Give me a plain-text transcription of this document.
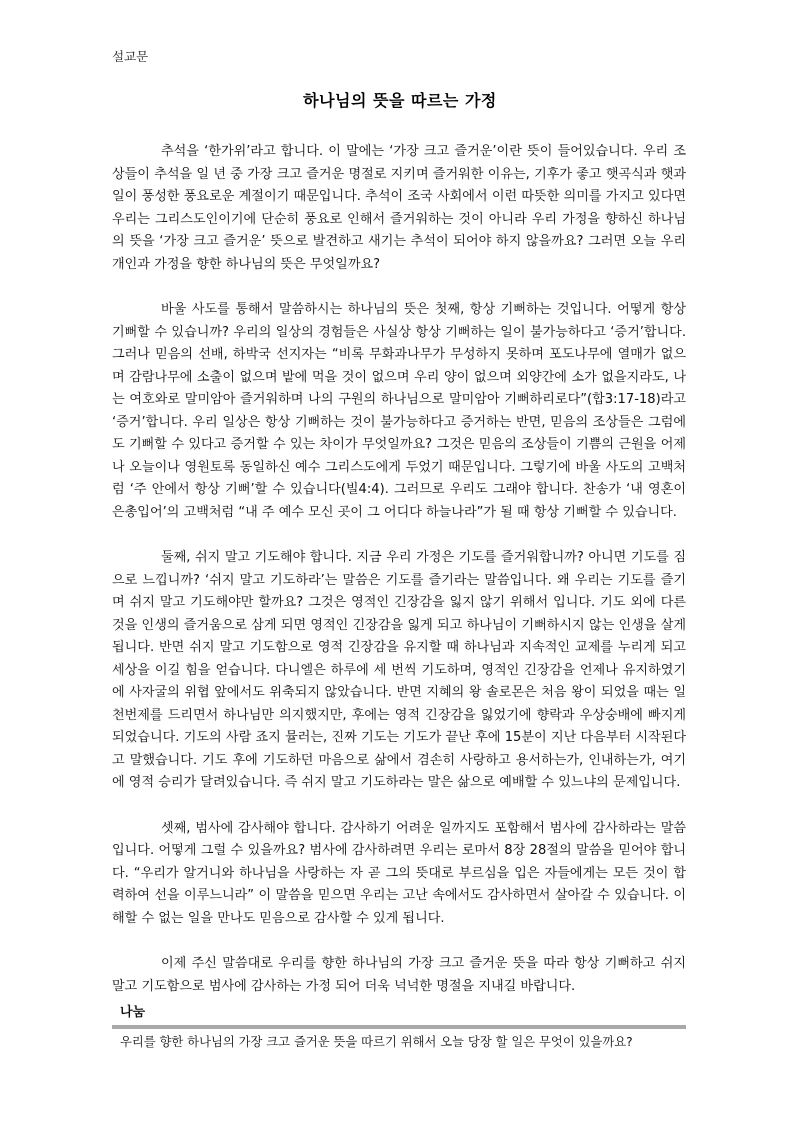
설교문
하나님의 뜻을 따르는 가정

추석을 ‘한가위’라고 합니다. 이 말에는 ‘가장 크고 즐거운’이란 뜻이 들어있습니다. 우리 조상들이 추석을 일 년 중 가장 크고 즐거운 명절로 지키며 즐거워한 이유는, 기후가 좋고 햇곡식과 햇과일이 풍성한 풍요로운 계절이기 때문입니다. 추석이 조국 사회에서 이런 따뜻한 의미를 가지고 있다면 우리는 그리스도인이기에 단순히 풍요로 인해서 즐거워하는 것이 아니라 우리 가정을 향하신 하나님의 뜻을 ‘가장 크고 즐거운’ 뜻으로 발견하고 새기는 추석이 되어야 하지 않을까요? 그러면 오늘 우리 개인과 가정을 향한 하나님의 뜻은 무엇일까요?

바울 사도를 통해서 말씀하시는 하나님의 뜻은 첫째, 항상 기뻐하는 것입니다. 어떻게 항상 기뻐할 수 있습니까? 우리의 일상의 경험들은 사실상 항상 기뻐하는 일이 불가능하다고 ‘증거’합니다. 그러나 믿음의 선배, 하박국 선지자는 “비록 무화과나무가 무성하지 못하며 포도나무에 열매가 없으며 감람나무에 소출이 없으며 밭에 먹을 것이 없으며 우리 양이 없으며 외양간에 소가 없을지라도, 나는 여호와로 말미암아 즐거워하며 나의 구원의 하나님으로 말미암아 기뻐하리로다”(합3:17-18)라고 ‘증거’합니다. 우리 일상은 항상 기뻐하는 것이 불가능하다고 증거하는 반면, 믿음의 조상들은 그럼에도 기뻐할 수 있다고 증거할 수 있는 차이가 무엇일까요? 그것은 믿음의 조상들이 기쁨의 근원을 어제나 오늘이나 영원토록 동일하신 예수 그리스도에게 두었기 때문입니다. 그렇기에 바울 사도의 고백처럼 ‘주 안에서 항상 기뻐’할 수 있습니다(빌4:4). 그러므로 우리도 그래야 합니다. 찬송가 ‘내 영혼이 은총입어’의 고백처럼 “내 주 예수 모신 곳이 그 어디다 하늘나라”가 될 때 항상 기뻐할 수 있습니다.

둘째, 쉬지 말고 기도해야 합니다. 지금 우리 가정은 기도를 즐거워합니까? 아니면 기도를 짐으로 느낍니까? ‘쉬지 말고 기도하라’는 말씀은 기도를 즐기라는 말씀입니다. 왜 우리는 기도를 즐기며 쉬지 말고 기도해야만 할까요? 그것은 영적인 긴장감을 잃지 않기 위해서 입니다. 기도 외에 다른 것을 인생의 즐거움으로 삼게 되면 영적인 긴장감을 잃게 되고 하나님이 기뻐하시지 않는 인생을 살게 됩니다. 반면 쉬지 말고 기도함으로 영적 긴장감을 유지할 때 하나님과 지속적인 교제를 누리게 되고 세상을 이길 힘을 얻습니다. 다니엘은 하루에 세 번씩 기도하며, 영적인 긴장감을 언제나 유지하였기에 사자굴의 위협 앞에서도 위축되지 않았습니다. 반면 지혜의 왕 솔로몬은 처음 왕이 되었을 때는 일천번제를 드리면서 하나님만 의지했지만, 후에는 영적 긴장감을 잃었기에 향락과 우상숭배에 빠지게 되었습니다. 기도의 사람 죠지 뮬러는, 진짜 기도는 기도가 끝난 후에 15분이 지난 다음부터 시작된다고 말했습니다. 기도 후에 기도하던 마음으로 삶에서 겸손히 사랑하고 용서하는가, 인내하는가, 여기에 영적 승리가 달려있습니다. 즉 쉬지 말고 기도하라는 말은 삶으로 예배할 수 있느냐의 문제입니다.

셋째, 범사에 감사해야 합니다. 감사하기 어려운 일까지도 포함해서 범사에 감사하라는 말씀입니다. 어떻게 그럴 수 있을까요? 범사에 감사하려면 우리는 로마서 8장 28절의 말씀을 믿어야 합니다. “우리가 알거니와 하나님을 사랑하는 자 곧 그의 뜻대로 부르심을 입은 자들에게는 모든 것이 합력하여 선을 이루느니라” 이 말씀을 믿으면 우리는 고난 속에서도 감사하면서 살아갈 수 있습니다. 이해할 수 없는 일을 만나도 믿음으로 감사할 수 있게 됩니다.

이제 주신 말씀대로 우리를 향한 하나님의 가장 크고 즐거운 뜻을 따라 항상 기뻐하고 쉬지 말고 기도함으로 범사에 감사하는 가정 되어 더욱 넉넉한 명절을 지내길 바랍니다.

나눔
우리를 향한 하나님의 가장 크고 즐거운 뜻을 따르기 위해서 오늘 당장 할 일은 무엇이 있을까요?
